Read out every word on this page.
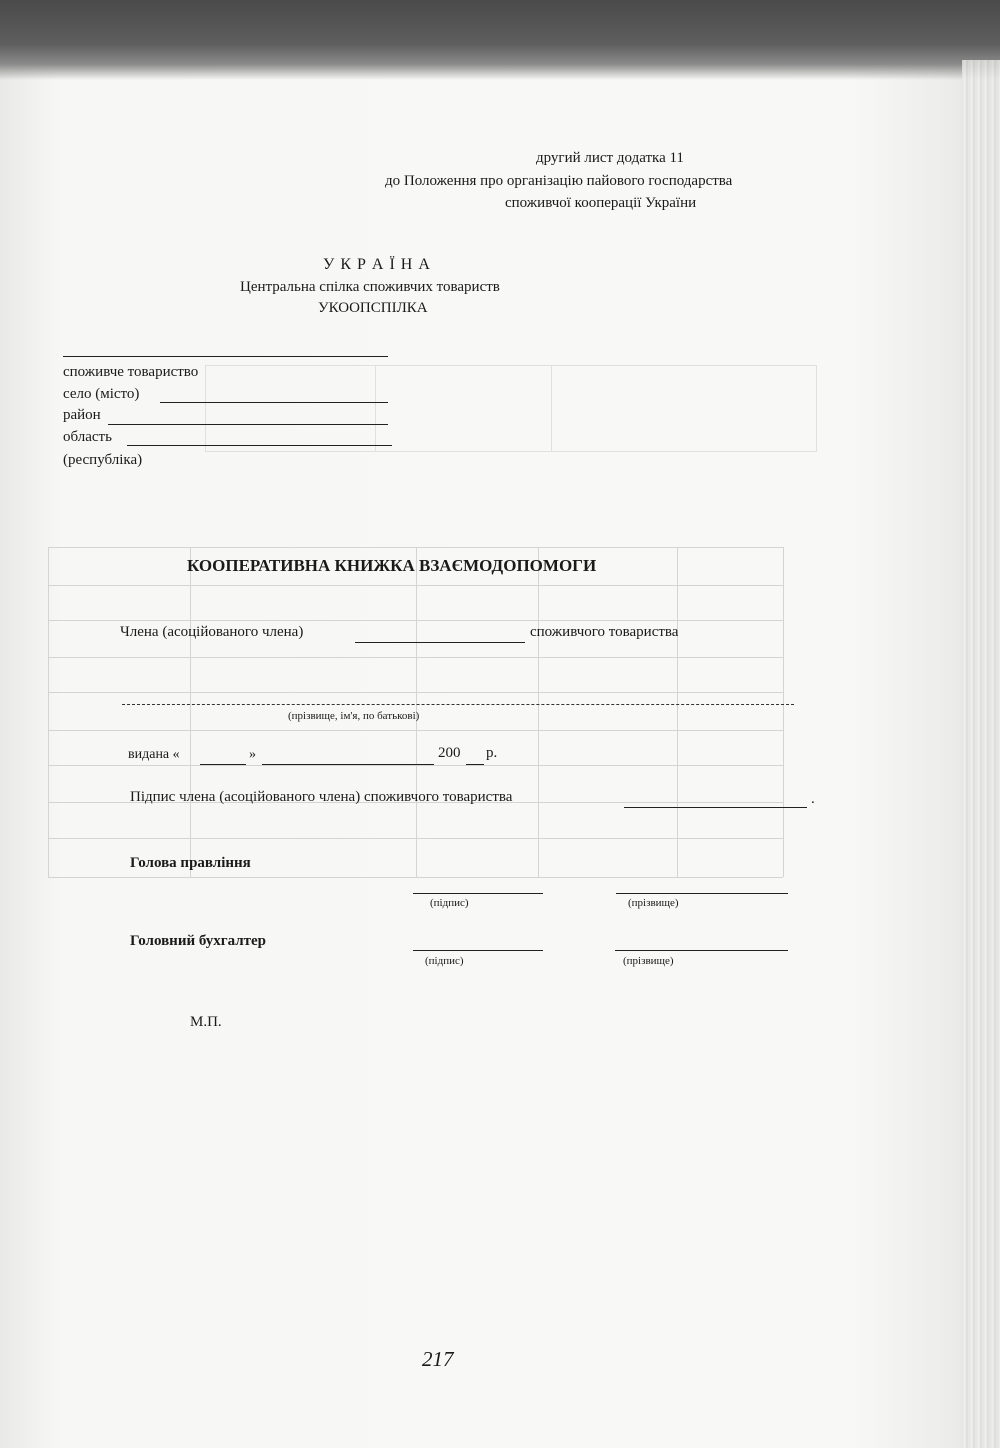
другий лист додатка 11
до Положення про організацію пайового господарства
споживчої кооперації України
У К Р А Ї Н А
Центральна спілка споживчих товариств
УКООПСПІЛКА
споживче товариство
село (місто)
район
область
(республіка)
КООПЕРАТИВНА КНИЖКА ВЗАЄМОДОПОМОГИ
Члена (асоційованого члена)	споживчого товариства
(прізвище, ім'я, по батькові)
видана «	»	200 р.
Підпис члена (асоційованого члена) споживчого товариства	.
Голова правління
(підпис)	(прізвище)
Головний бухгалтер
(підпис)	(прізвище)
М.П.
217
